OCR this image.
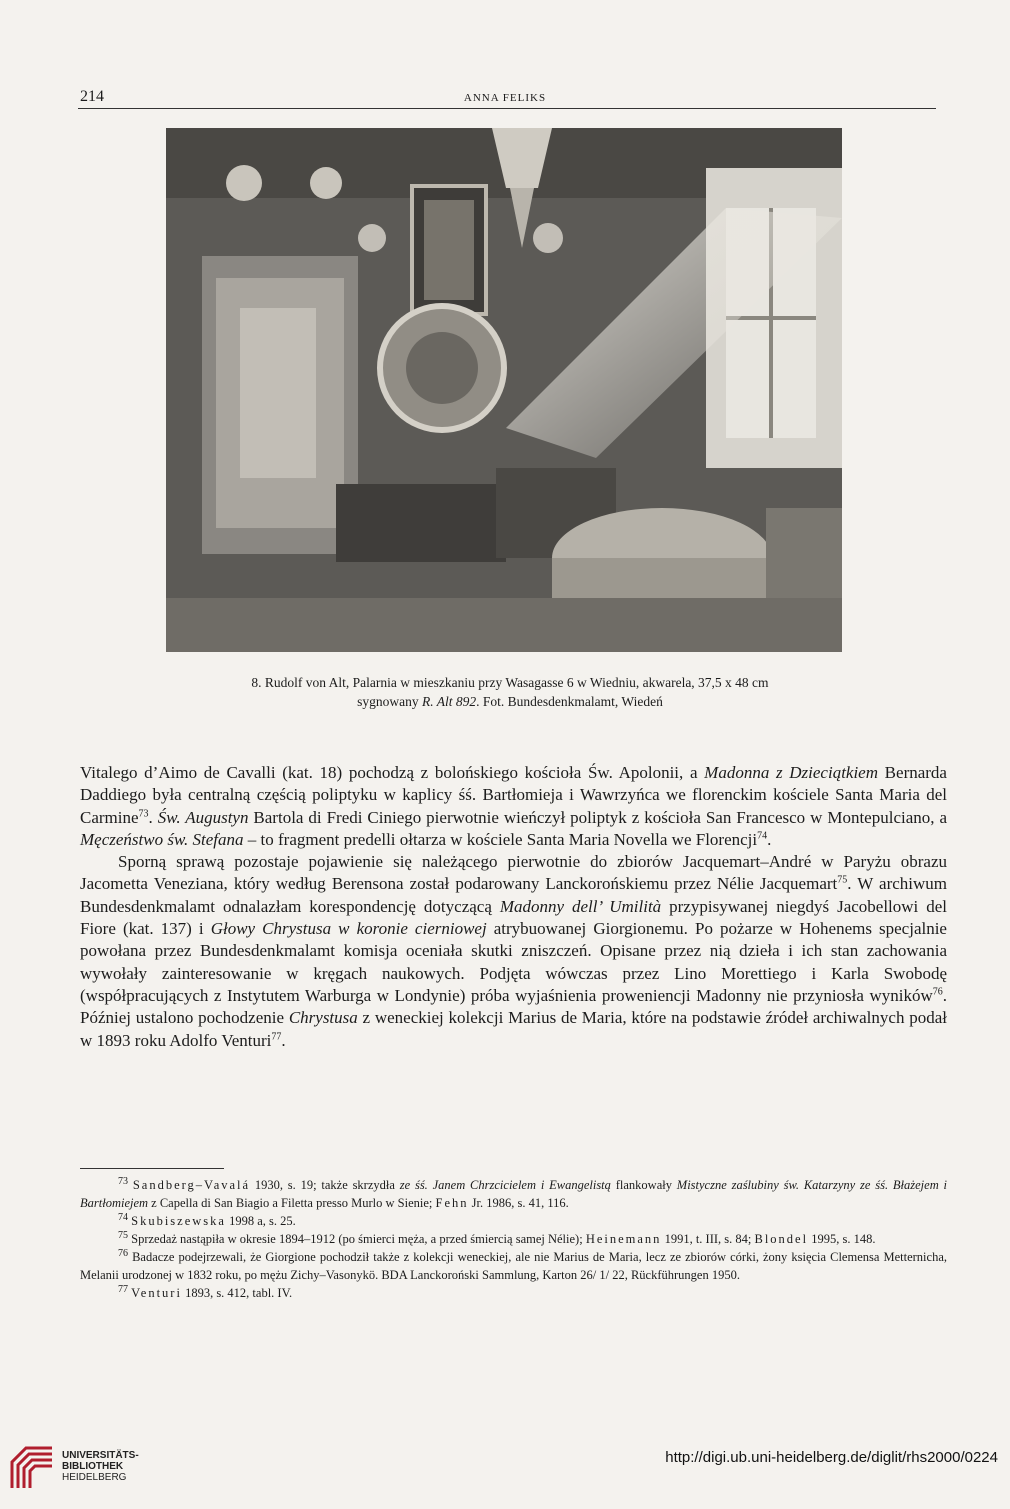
214	ANNA FELIKS
8. Rudolf von Alt, Palarnia w mieszkaniu przy Wasagasse 6 w Wiedniu, akwarela, 37,5 x 48 cm
sygnowany R. Alt 892. Fot. Bundesdenkmalamt, Wiedeń

Vitalego d’Aimo de Cavalli (kat. 18) pochodzą z bolońskiego kościoła Św. Apolonii, a Madonna z Dzieciątkiem Bernarda Daddiego była centralną częścią poliptyku w kaplicy śś. Bartłomieja i Wawrzyńca we florenckim kościele Santa Maria del Carmine$^{73}$. Św. Augustyn Bartola di Fredi Ciniego pierwotnie wieńczył poliptyk z kościoła San Francesco w Montepulciano, a Męczeństwo św. Stefana – to fragment predelli ołtarza w kościele Santa Maria Novella we Florencji$^{74}$.

Sporną sprawą pozostaje pojawienie się należącego pierwotnie do zbiorów Jacquemart–André w Paryżu obrazu Jacometta Veneziana, który według Berensona został podarowany Lanckorońskiemu przez Nélie Jacquemart$^{75}$. W archiwum Bundesdenkmalamt odnalazłam korespondencję dotyczącą Madonny dell’ Umilità przypisywanej niegdyś Jacobellowi del Fiore (kat. 137) i Głowy Chrystusa w koronie cierniowej atrybuowanej Giorgionemu. Po pożarze w Hohenems specjalnie powołana przez Bundesdenkmalamt komisja oceniała skutki zniszczeń. Opisane przez nią dzieła i ich stan zachowania wywołały zainteresowanie w kręgach naukowych. Podjęta wówczas przez Lino Morettiego i Karla Swobodę (współpracujących z Instytutem Warburga w Londynie) próba wyjaśnienia proweniencji Madonny nie przyniosła wyników$^{76}$. Później ustalono pochodzenie Chrystusa z weneckiej kolekcji Marius de Maria, które na podstawie źródeł archiwalnych podał w 1893 roku Adolfo Venturi$^{77}$.

$^{73}$ Sandberg–Vavalá 1930, s. 19; także skrzydła ze śś. Janem Chrzcicielem i Ewangelistą flankowały Mistyczne zaślubiny św. Katarzyny ze śś. Błażejem i Bartłomiejem z Capella di San Biagio a Filetta presso Murlo w Sienie; Fehn Jr. 1986, s. 41, 116.

$^{74}$ Skubiszewska 1998 a, s. 25.

$^{75}$ Sprzedaż nastąpiła w okresie 1894–1912 (po śmierci męża, a przed śmiercią samej Nélie); Heinemann 1991, t. III, s. 84; Blondel 1995, s. 148.

$^{76}$ Badacze podejrzewali, że Giorgione pochodził także z kolekcji weneckiej, ale nie Marius de Maria, lecz ze zbiorów córki, żony księcia Clemensa Metternicha, Melanii urodzonej w 1832 roku, po mężu Zichy–Vasonykö. BDA Lanckoroński Sammlung, Karton 26/ 1/ 22, Rückführungen 1950.

$^{77}$ Venturi 1893, s. 412, tabl. IV.

UNIVERSITÄTS-
BIBLIOTHEK
HEIDELBERG
http://digi.ub.uni-heidelberg.de/diglit/rhs2000/0224
